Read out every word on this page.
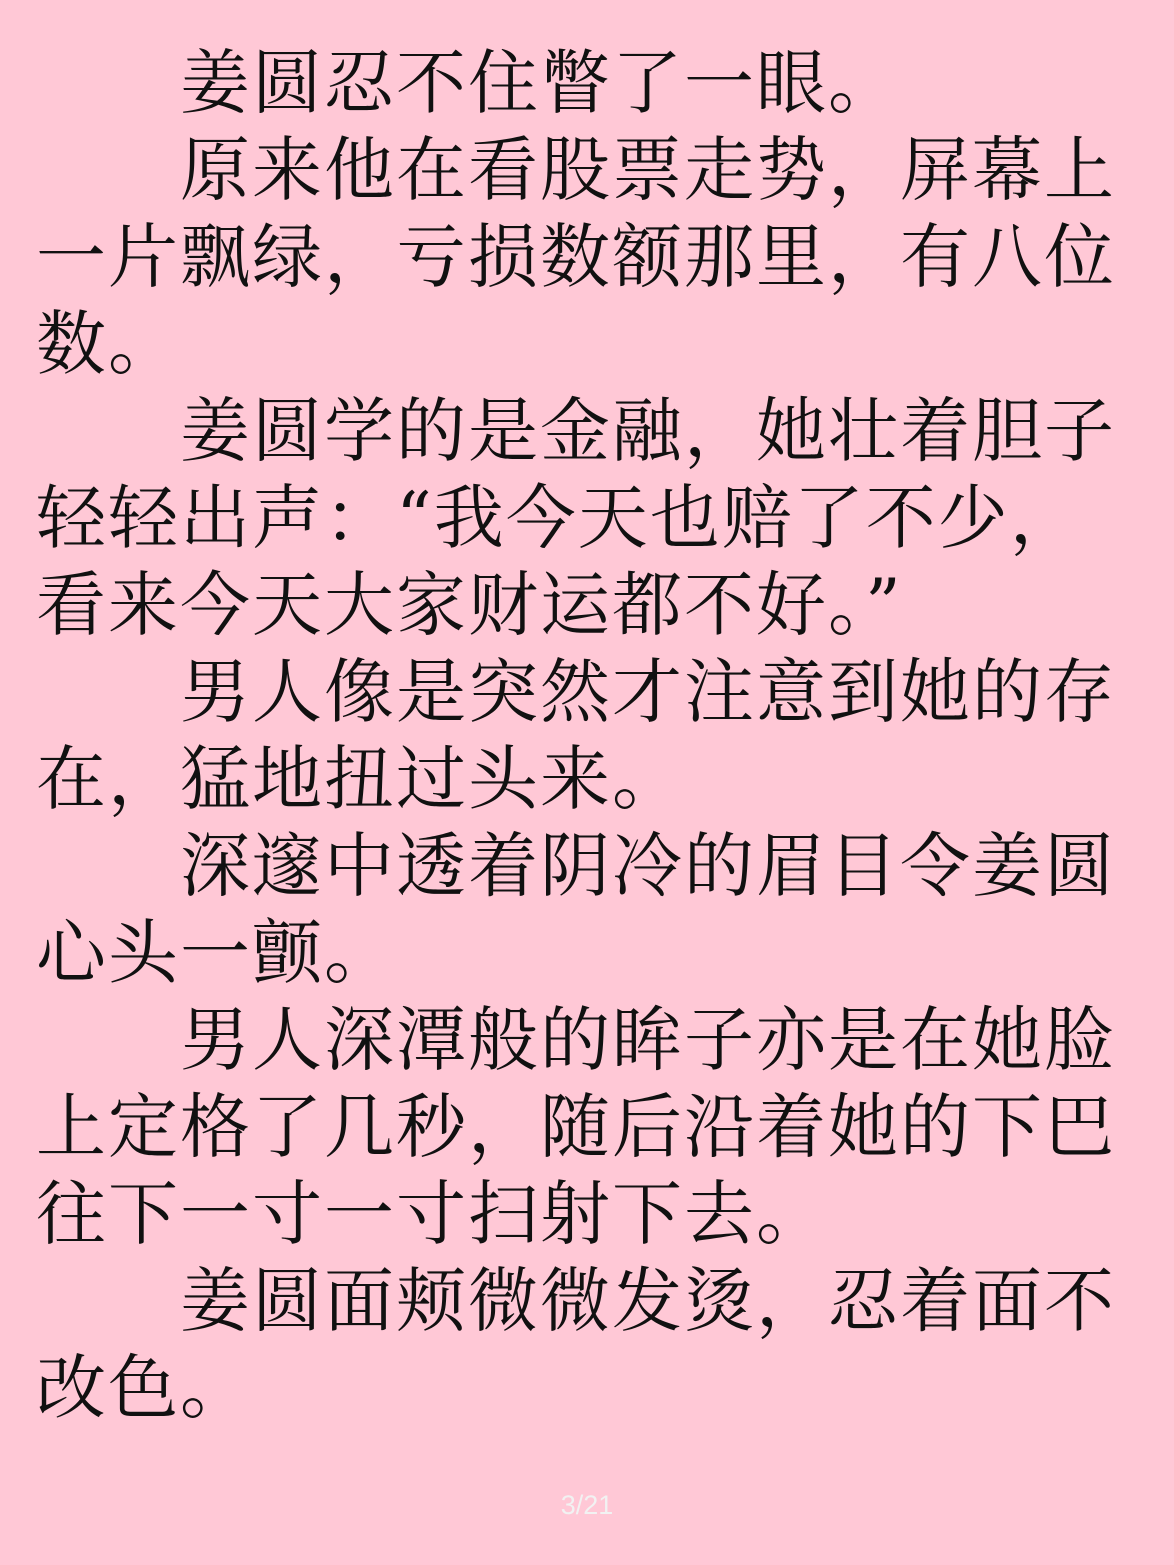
姜圆忍不住瞥了一眼。

原来他在看股票走势，屏幕上一片飘绿，亏损数额那里，有八位数。

姜圆学的是金融，她壮着胆子轻轻出声：“我今天也赔了不少，看来今天大家财运都不好。”

男人像是突然才注意到她的存在，猛地扭过头来。

深邃中透着阴冷的眉目令姜圆心头一颤。

男人深潭般的眸子亦是在她脸上定格了几秒，随后沿着她的下巴往下一寸一寸扫射下去。

姜圆面颊微微发烫，忍着面不改色。

3/21
